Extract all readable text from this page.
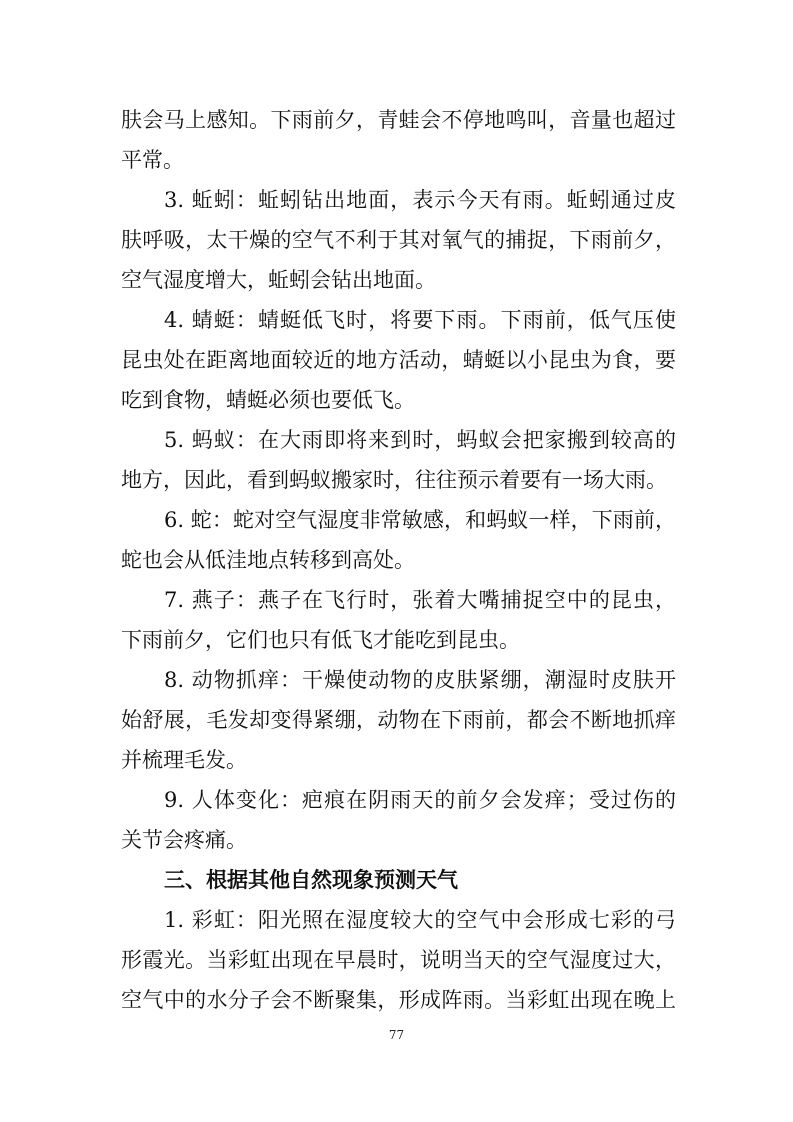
肤会马上感知。下雨前夕，青蛙会不停地鸣叫，音量也超过
平常。
3. 蚯蚓：蚯蚓钻出地面，表示今天有雨。蚯蚓通过皮
肤呼吸，太干燥的空气不利于其对氧气的捕捉，下雨前夕，
空气湿度增大，蚯蚓会钻出地面。
4. 蜻蜓：蜻蜓低飞时，将要下雨。下雨前，低气压使
昆虫处在距离地面较近的地方活动，蜻蜓以小昆虫为食，要
吃到食物，蜻蜓必须也要低飞。
5. 蚂蚁：在大雨即将来到时，蚂蚁会把家搬到较高的
地方，因此，看到蚂蚁搬家时，往往预示着要有一场大雨。
6. 蛇：蛇对空气湿度非常敏感，和蚂蚁一样，下雨前，
蛇也会从低洼地点转移到高处。
7. 燕子：燕子在飞行时，张着大嘴捕捉空中的昆虫，
下雨前夕，它们也只有低飞才能吃到昆虫。
8. 动物抓痒：干燥使动物的皮肤紧绷，潮湿时皮肤开
始舒展，毛发却变得紧绷，动物在下雨前，都会不断地抓痒
并梳理毛发。
9. 人体变化：疤痕在阴雨天的前夕会发痒；受过伤的
关节会疼痛。
三、根据其他自然现象预测天气
1. 彩虹：阳光照在湿度较大的空气中会形成七彩的弓
形霞光。当彩虹出现在早晨时，说明当天的空气湿度过大，
空气中的水分子会不断聚集，形成阵雨。当彩虹出现在晚上
77
